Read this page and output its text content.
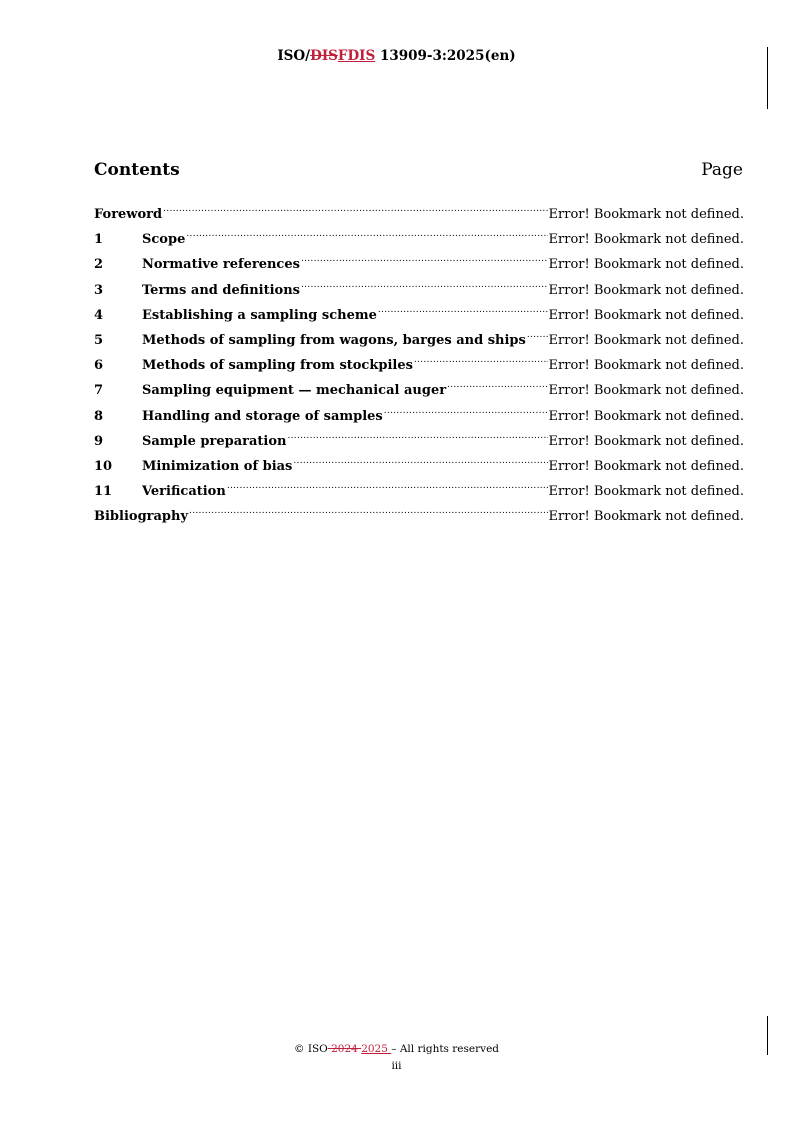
ISO/DISFDIS 13909-3:2025(en)
Contents	Page
Foreword .....	Error! Bookmark not defined.
1	Scope .....	Error! Bookmark not defined.
2	Normative references .....	Error! Bookmark not defined.
3	Terms and definitions .....	Error! Bookmark not defined.
4	Establishing a sampling scheme .....	Error! Bookmark not defined.
5	Methods of sampling from wagons, barges and ships ..... Error! Bookmark not defined.
6	Methods of sampling from stockpiles .....	Error! Bookmark not defined.
7	Sampling equipment — mechanical auger .....	Error! Bookmark not defined.
8	Handling and storage of samples .....	Error! Bookmark not defined.
9	Sample preparation .....	Error! Bookmark not defined.
10	Minimization of bias .....	Error! Bookmark not defined.
11	Verification .....	Error! Bookmark not defined.
Bibliography .....	Error! Bookmark not defined.
© ISO 2024 2025 – All rights reserved
iii
